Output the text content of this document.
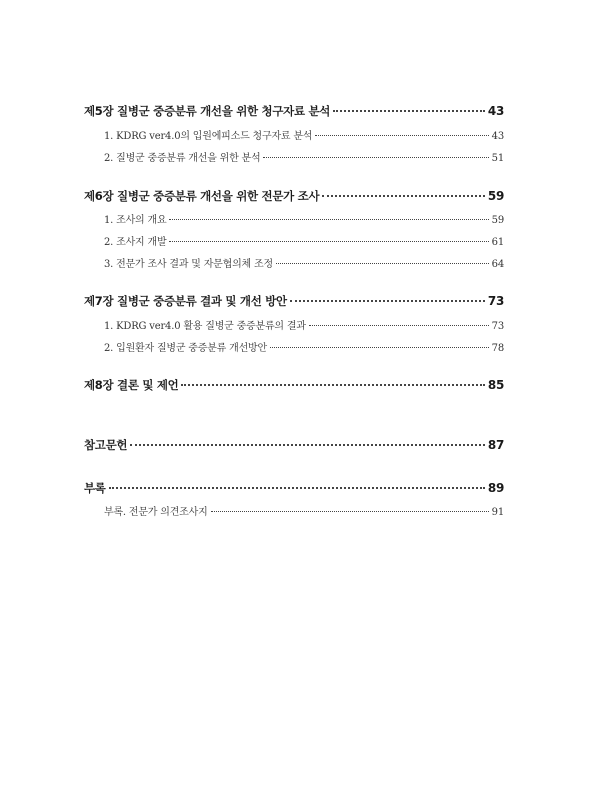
제5장 질병군 중증분류 개선을 위한 청구자료 분석	43
1. KDRG ver4.0의 입원에피소드 청구자료 분석	43
2. 질병군 중증분류 개선을 위한 분석	51
제6장 질병군 중증분류 개선을 위한 전문가 조사	59
1. 조사의 개요	59
2. 조사지 개발	61
3. 전문가 조사 결과 및 자문협의체 조정	64
제7장 질병군 중증분류 결과 및 개선 방안	73
1. KDRG ver4.0 활용 질병군 중증분류의 결과	73
2. 입원환자 질병군 중증분류 개선방안	78
제8장 결론 및 제언	85
참고문헌	87
부록	89
부록. 전문가 의견조사지	91
